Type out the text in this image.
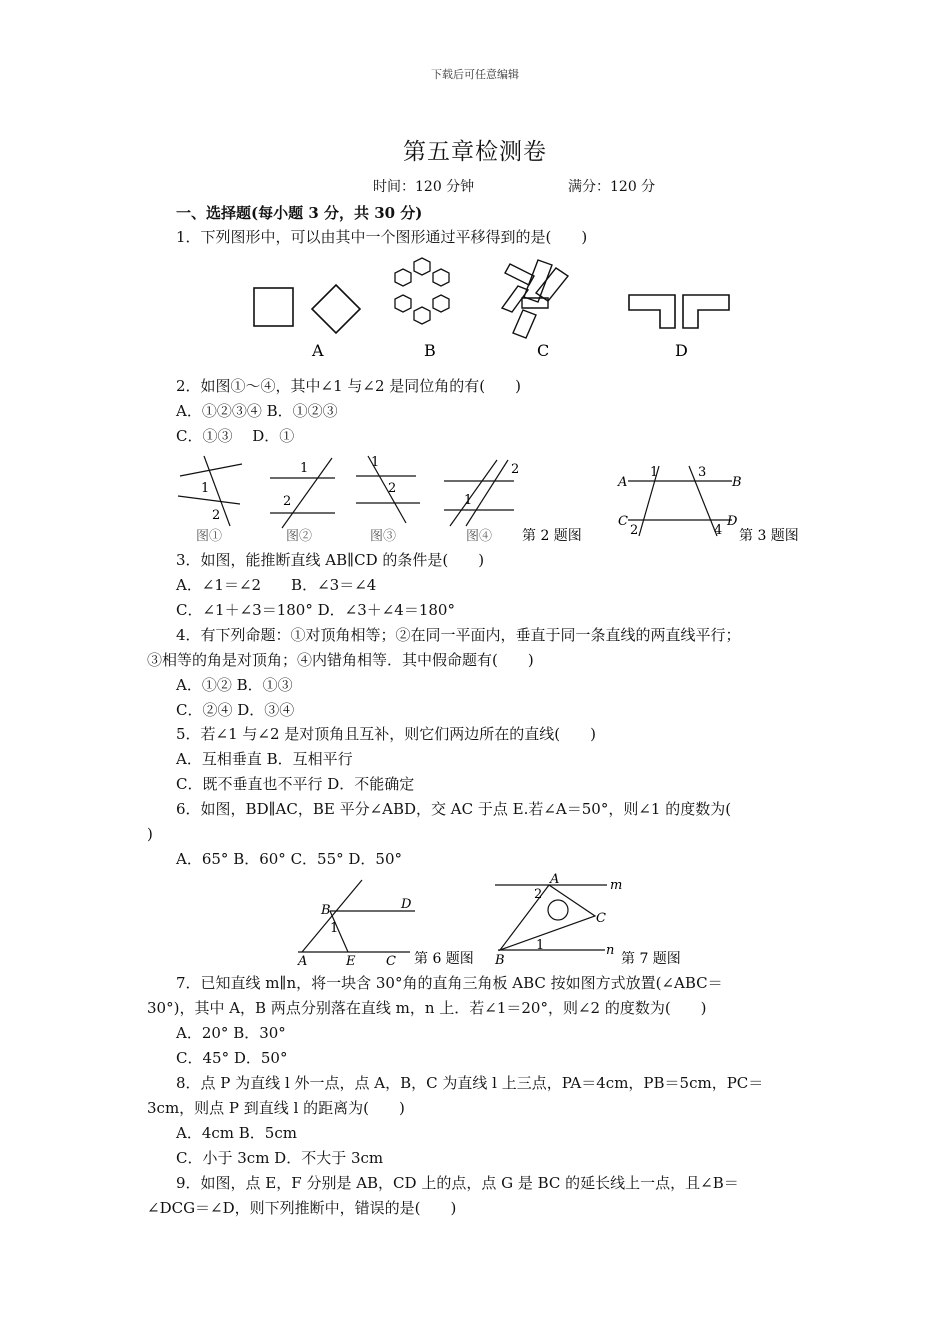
下载后可任意编辑
第五章检测卷
时间：120 分钟	满分：120 分
一、选择题(每小题 3 分，共 30 分)
1．下列图形中，可以由其中一个图形通过平移得到的是(　　)
A	B	C	D
2．如图①～④，其中∠1 与∠2 是同位角的有(　　)
A．①②③④ B．①②③
C．①③　 D．①
1
2
1
2
1
2
2
1
1	3
2	4
A	B
C	D
图①	图②	图③	图④ 第 2 题图	第 3 题图
3．如图，能推断直线 AB∥CD 的条件是(　　)
A．∠1＝∠2　　B．∠3＝∠4
C．∠1＋∠3＝180° D．∠3＋∠4＝180°
4．有下列命题：①对顶角相等；②在同一平面内，垂直于同一条直线的两直线平行；
③相等的角是对顶角；④内错角相等．其中假命题有(　　)
A．①② B．①③
C．②④ D．③④
5．若∠1 与∠2 是对顶角且互补，则它们两边所在的直线(　　)
A．互相垂直 B．互相平行
C．既不垂直也不平行 D．不能确定
6．如图，BD∥AC，BE 平分∠ABD，交 AC 于点 E.若∠A＝50°，则∠1 的度数为(
)
A．65° B．60° C．55° D．50°
B	D
A	E C
A
C
B
m
n
1
2
1
第 6 题图	第 7 题图
7．已知直线 m∥n，将一块含 30°角的直角三角板 ABC 按如图方式放置(∠ABC＝
30°)，其中 A，B 两点分别落在直线 m，n 上．若∠1＝20°，则∠2 的度数为(　　)
A．20° B．30°
C．45° D．50°
8．点 P 为直线 l 外一点，点 A，B，C 为直线 l 上三点，PA＝4cm，PB＝5cm，PC＝
3cm，则点 P 到直线 l 的距离为(　　)
A．4cm B．5cm
C．小于 3cm D．不大于 3cm
9．如图，点 E，F 分别是 AB，CD 上的点，点 G 是 BC 的延长线上一点，且∠B＝
∠DCG＝∠D，则下列推断中，错误的是(　　)
